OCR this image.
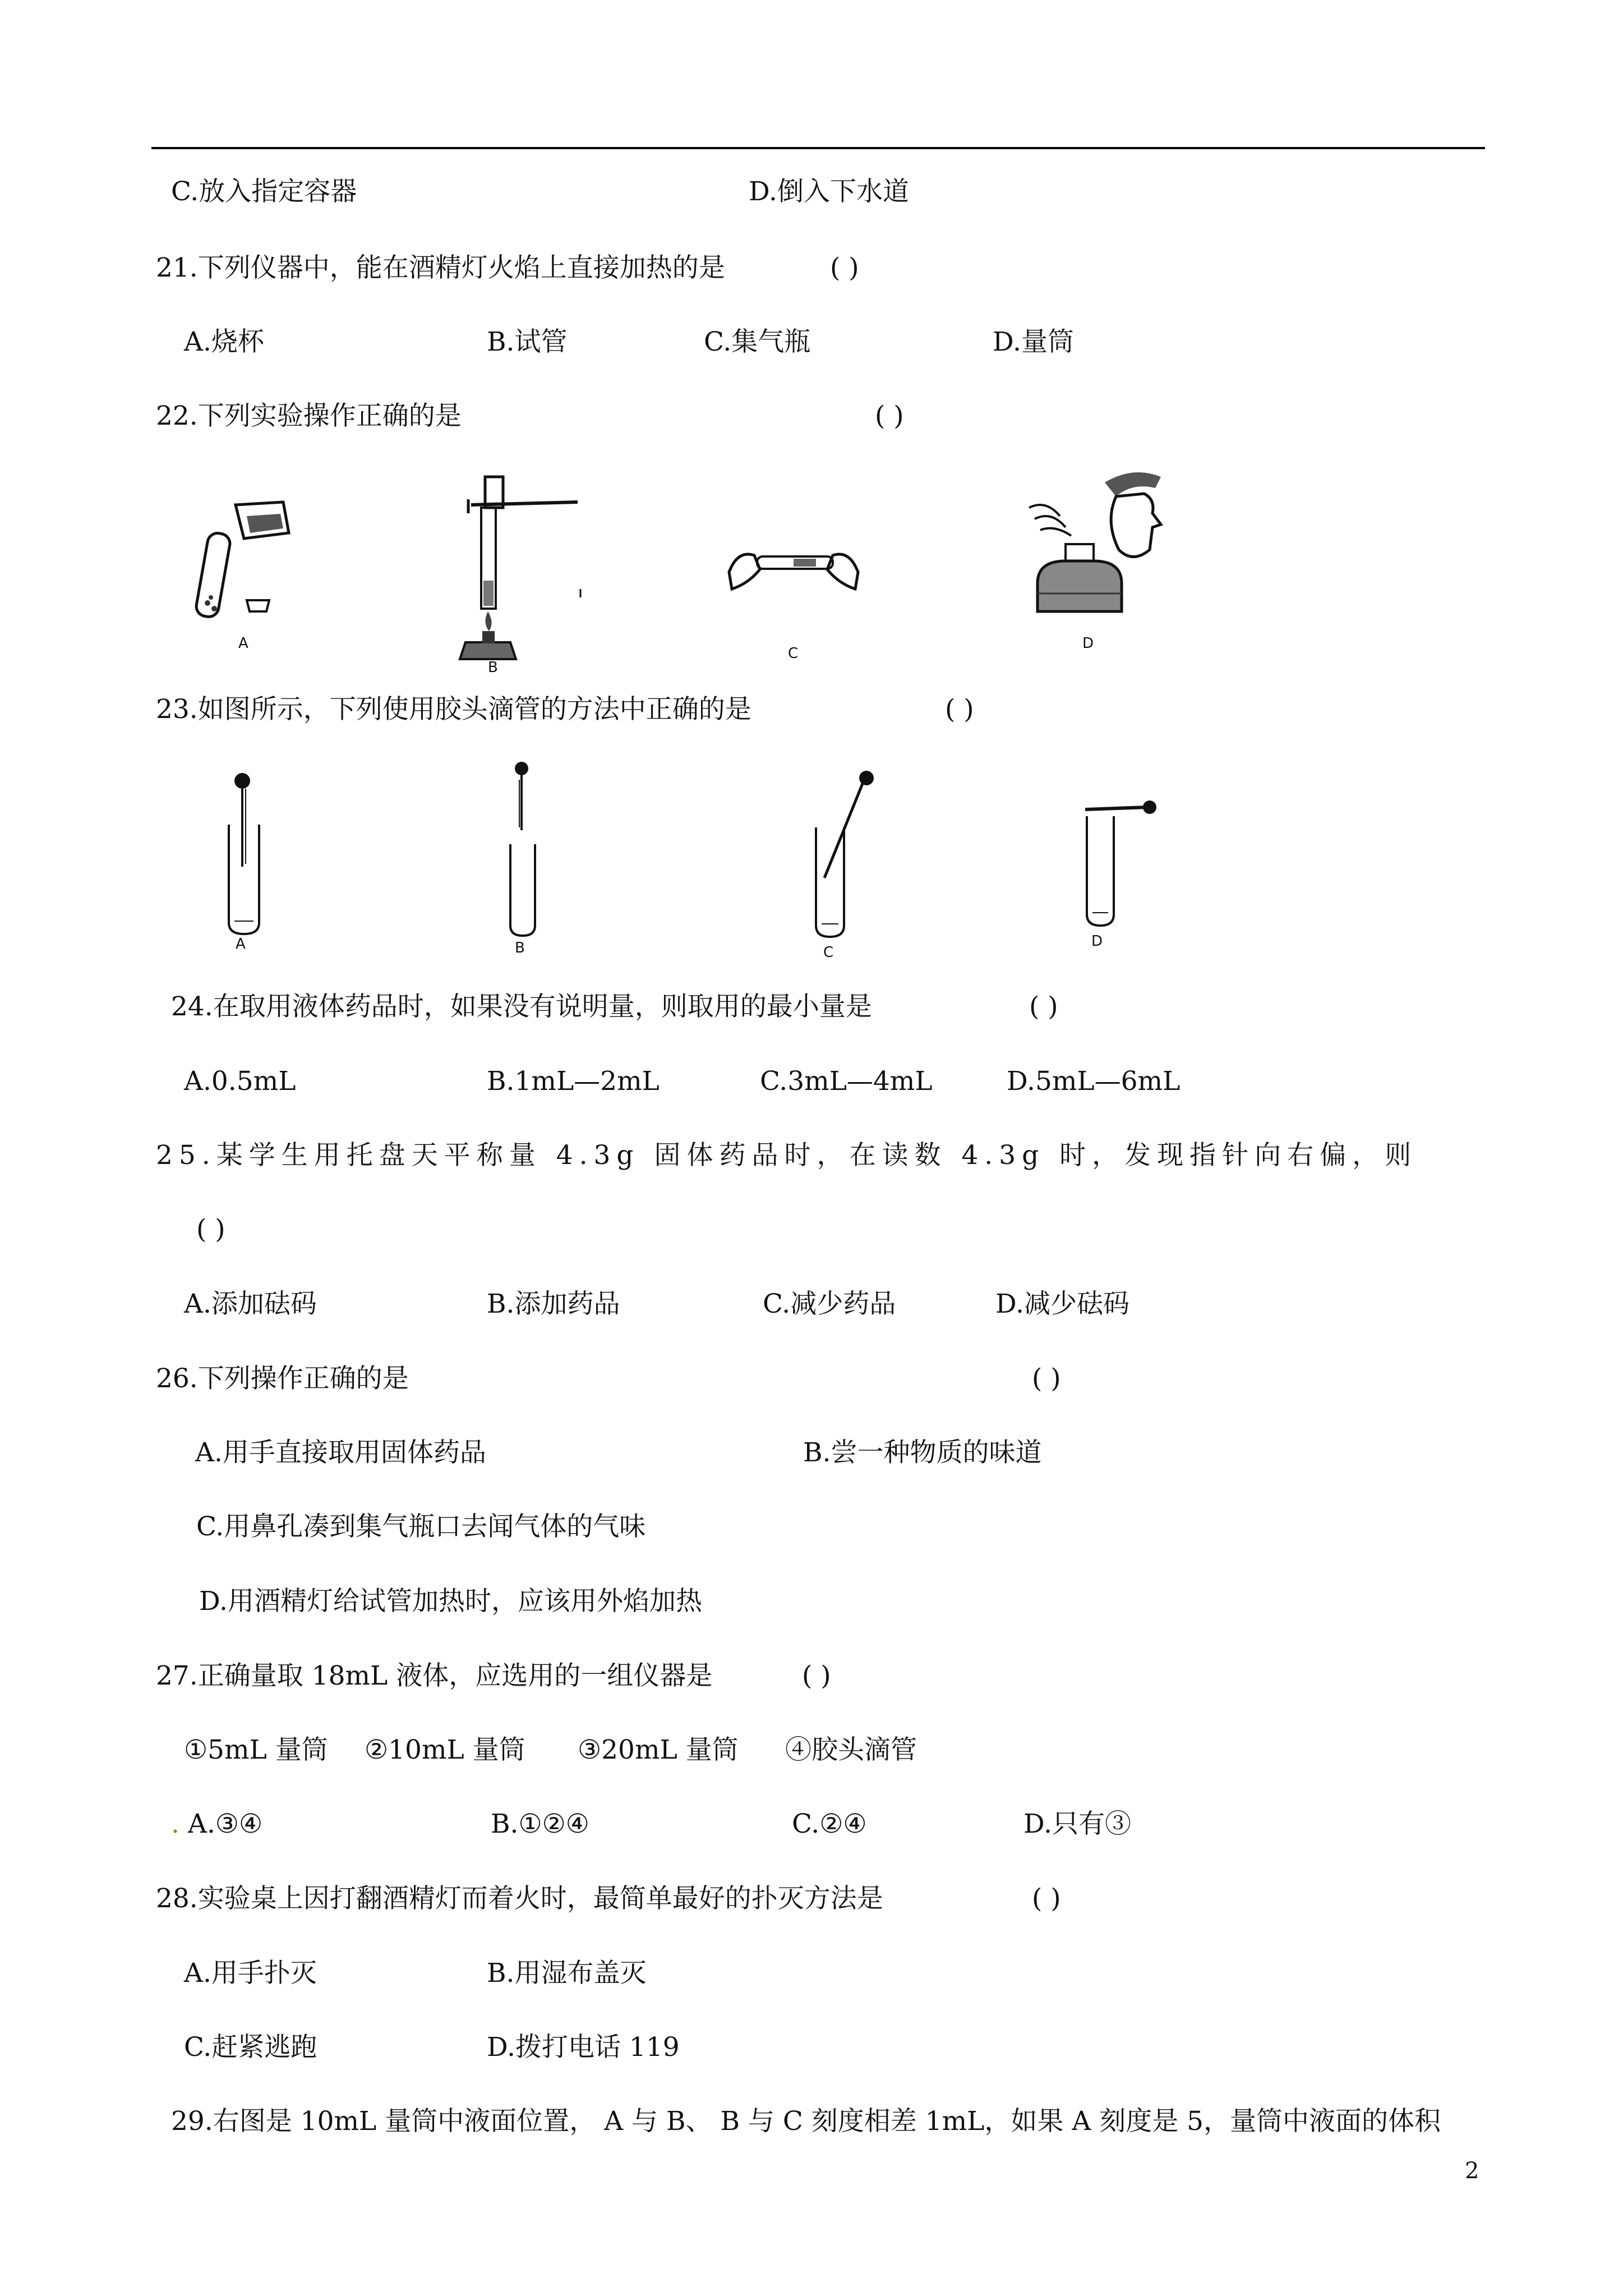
C.放入指定容器	D.倒入下水道
21.下列仪器中，能在酒精灯火焰上直接加热的是	( )
A.烧杯	B.试管	C.集气瓶	D.量筒
22.下列实验操作正确的是	( )
A
B
C
D
23.如图所示，下列使用胶头滴管的方法中正确的是	( )
A	B	C
D
24.在取用液体药品时，如果没有说明量，则取用的最小量是	( )
A.0.5mL	B.1mL—2mL	C.3mL—4mL	D.5mL—6mL
25.某学生用托盘天平称量 4.3g 固体药品时，在读数 4.3g 时，发现指针向右偏，则
( )
A.添加砝码	B.添加药品	C.减少药品	D.减少砝码
26.下列操作正确的是	( )
A.用手直接取用固体药品	B.尝一种物质的味道
C.用鼻孔凑到集气瓶口去闻气体的气味
D.用酒精灯给试管加热时，应该用外焰加热
27.正确量取 18mL 液体，应选用的一组仪器是	( )
①5mL 量筒 ②10mL 量筒 ③20mL 量筒 ④胶头滴管
. A.③④	B.①②④	C.②④	D.只有③
28.实验桌上因打翻酒精灯而着火时，最简单最好的扑灭方法是	( )
A.用手扑灭	B.用湿布盖灭
C.赶紧逃跑	D.拨打电话 119
29.右图是 10mL 量筒中液面位置， A 与 B、 B 与 C 刻度相差 1mL，如果 A 刻度是 5，量筒中液面的体积
2
